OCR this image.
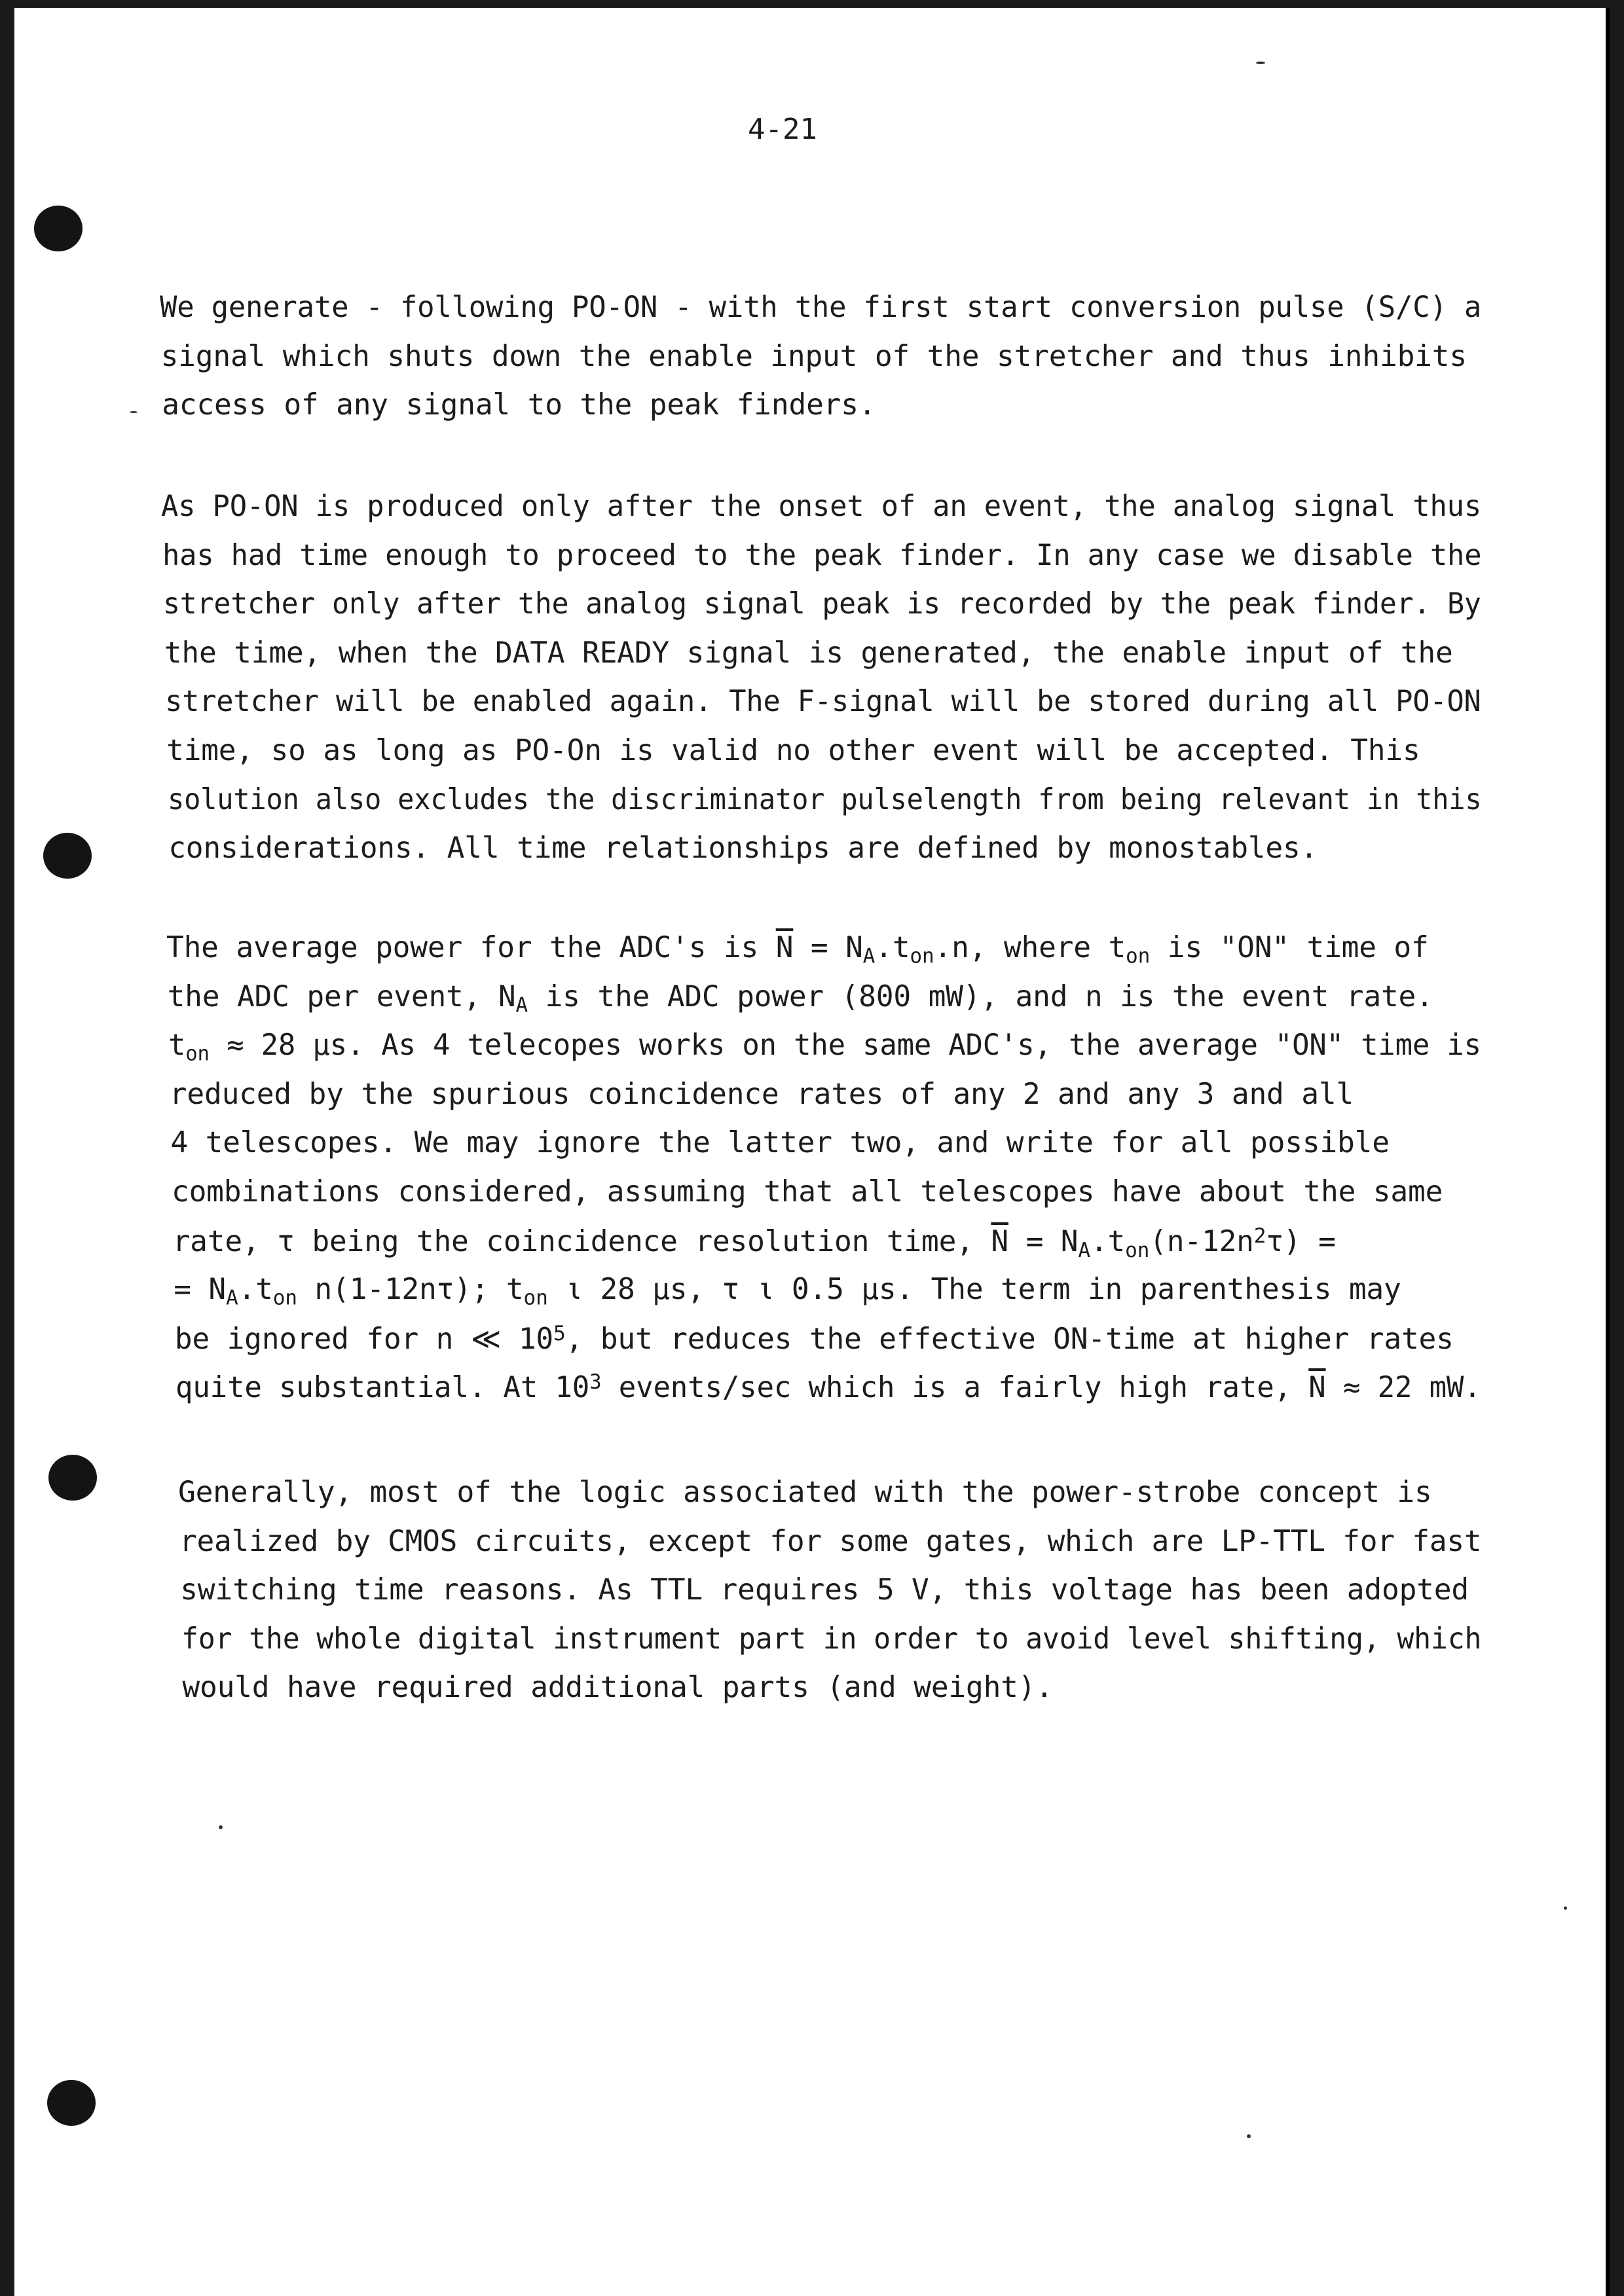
4-21

We generate - following PO-ON - with the first start conversion pulse (S/C) a

signal which shuts down the enable input of the stretcher and thus inhibits

access of any signal to the peak finders.

As PO-ON is produced only after the onset of an event, the analog signal thus

has had time enough to proceed to the peak finder. In any case we disable the

stretcher only after the analog signal peak is recorded by the peak finder. By

the time, when the DATA READY signal is generated, the enable input of the

stretcher will be enabled again. The F-signal will be stored during all PO-ON

time, so as long as PO-On is valid no other event will be accepted. This

solution also excludes the discriminator pulselength from being relevant in this

considerations. All time relationships are defined by monostables.

The average power for the ADC's is $\overline{N} = N_A.t_{on}.n$, where $t_{on}$ is "ON" time of

the ADC per event, $N_A$ is the ADC power (800 mW), and n is the event rate.

$t_{on} \approx 28$ µs. As 4 telecopes works on the same ADC's, the average "ON" time is

reduced by the spurious coincidence rates of any 2 and any 3 and all

4 telescopes. We may ignore the latter two, and write for all possible

combinations considered, assuming that all telescopes have about the same

rate, τ being the coincidence resolution time, $\overline{N} = N_A.t_{on}(n-12n^2\tau)$ =

= $N_A.t_{on}$ n(1-12nτ); $t_{on}$ ι 28 µs, τ ι 0.5 µs. The term in parenthesis may

be ignored for n ≪ $10^5$, but reduces the effective ON-time at higher rates

quite substantial. At $10^3$ events/sec which is a fairly high rate, $\overline{N} \approx 22$ mW.

Generally, most of the logic associated with the power-strobe concept is

realized by CMOS circuits, except for some gates, which are LP-TTL for fast

switching time reasons. As TTL requires 5 V, this voltage has been adopted

for the whole digital instrument part in order to avoid level shifting, which

would have required additional parts (and weight).
